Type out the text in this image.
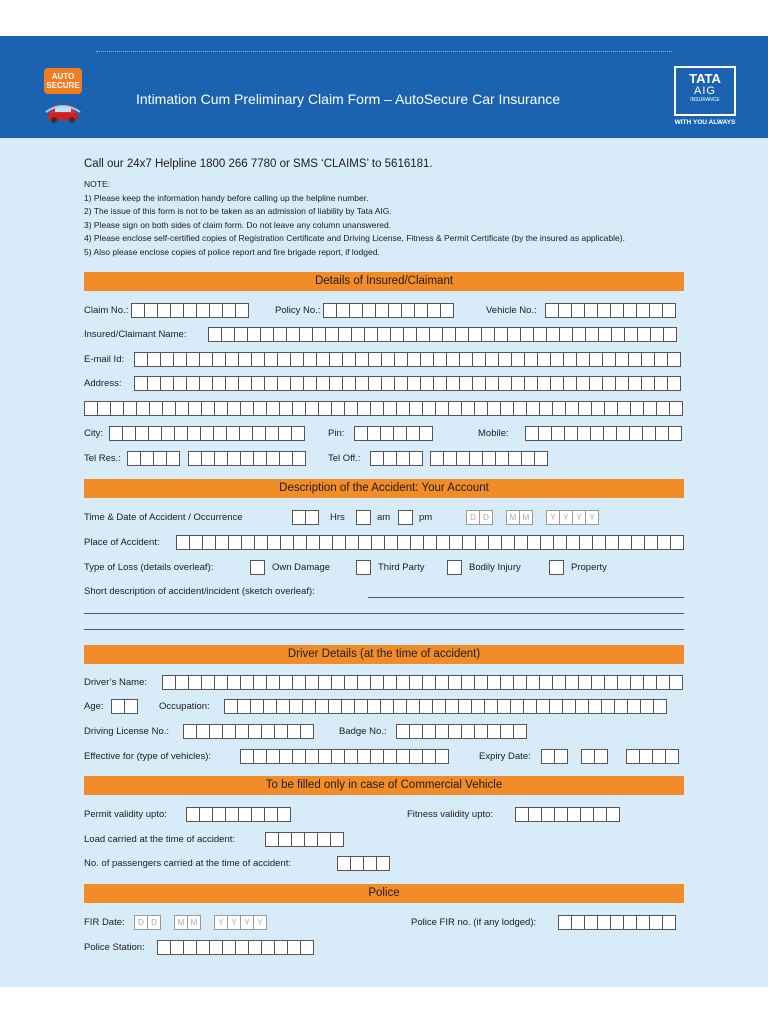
AUTO SECURE
Intimation Cum Preliminary Claim Form – AutoSecure Car Insurance
TATA
AIG
INSURANCE
WITH YOU ALWAYS
Call our 24x7 Helpline 1800 266 7780 or SMS ‘CLAIMS’ to 5616181.
NOTE:
1) Please keep the information handy before calling up the helpline number.
2) The issue of this form is not to be taken as an admission of liability by Tata AIG.
3) Please sign on both sides of claim form. Do not leave any column unanswered.
4) Please enclose self-certified copies of Registration Certificate and Driving License, Fitness & Permit Certificate (by the insured as applicable).
5) Also please enclose copies of police report and fire brigade report, if lodged.
Details of Insured/Claimant
Claim No.:	Policy No.:	Vehicle No.:
Insured/Claimant Name:
E-mail Id:
Address:
City:	Pin:	Mobile:
Tel Res.:	Tel Off.:
Description of the Accident: Your Account
Time & Date of Accident / Occurrence	Hrs	am	pm	D D	M M	Y Y Y Y
Place of Accident:
Type of Loss (details overleaf):	Own Damage	Third Party	Bodily Injury	Property
Short description of accident/incident (sketch overleaf):
Driver Details (at the time of accident)
Driver’s Name:
Age:	Occupation:
Driving License No.:	Badge No.:
Effective for (type of vehicles):	Expiry Date:
To be filled only in case of Commercial Vehicle
Permit validity upto:	Fitness validity upto:
Load carried at the time of accident:
No. of passengers carried at the time of accident:
Police
FIR Date:	D D	M M	Y Y Y Y	Police FIR no. (if any lodged):
Police Station:
